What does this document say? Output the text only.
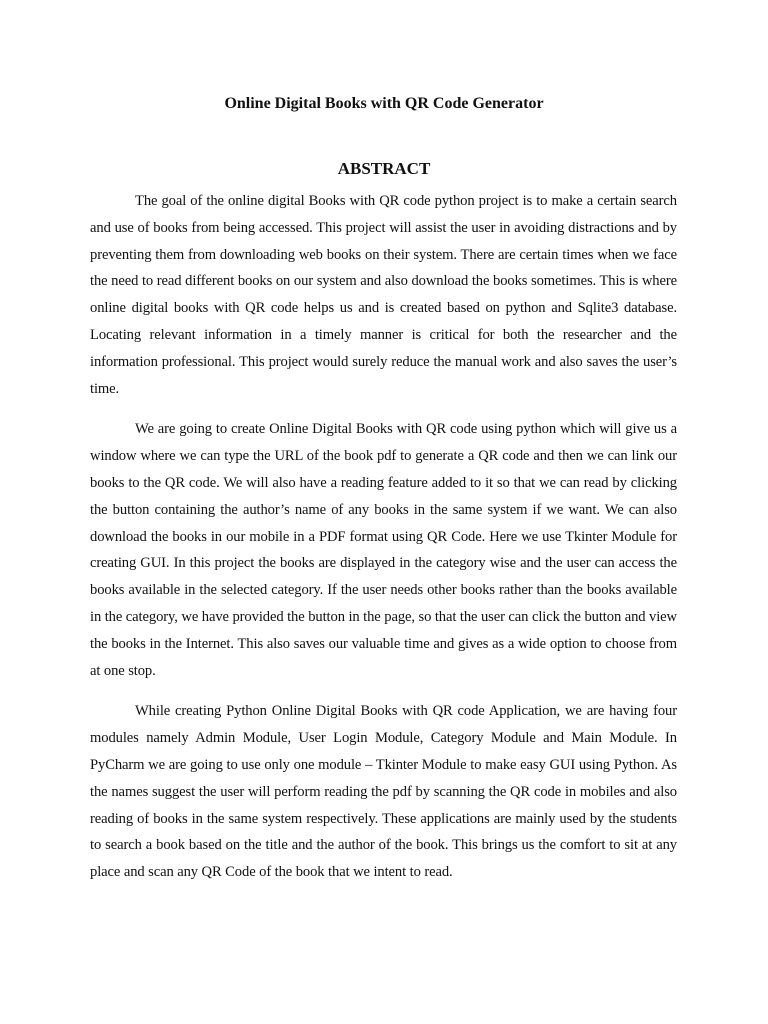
Online Digital Books with QR Code Generator
ABSTRACT

The goal of the online digital Books with QR code python project is to make a certain search and use of books from being accessed. This project will assist the user in avoiding distractions and by preventing them from downloading web books on their system. There are certain times when we face the need to read different books on our system and also download the books sometimes. This is where online digital books with QR code helps us and is created based on python and Sqlite3 database. Locating relevant information in a timely manner is critical for both the researcher and the information professional. This project would surely reduce the manual work and also saves the user’s time.

We are going to create Online Digital Books with QR code using python which will give us a window where we can type the URL of the book pdf to generate a QR code and then we can link our books to the QR code. We will also have a reading feature added to it so that we can read by clicking the button containing the author’s name of any books in the same system if we want. We can also download the books in our mobile in a PDF format using QR Code. Here we use Tkinter Module for creating GUI. In this project the books are displayed in the category wise and the user can access the books available in the selected category. If the user needs other books rather than the books available in the category, we have provided the button in the page, so that the user can click the button and view the books in the Internet. This also saves our valuable time and gives as a wide option to choose from at one stop.

While creating Python Online Digital Books with QR code Application, we are having four modules namely Admin Module, User Login Module, Category Module and Main Module. In PyCharm we are going to use only one module – Tkinter Module to make easy GUI using Python. As the names suggest the user will perform reading the pdf by scanning the QR code in mobiles and also reading of books in the same system respectively. These applications are mainly used by the students to search a book based on the title and the author of the book. This brings us the comfort to sit at any place and scan any QR Code of the book that we intent to read.
